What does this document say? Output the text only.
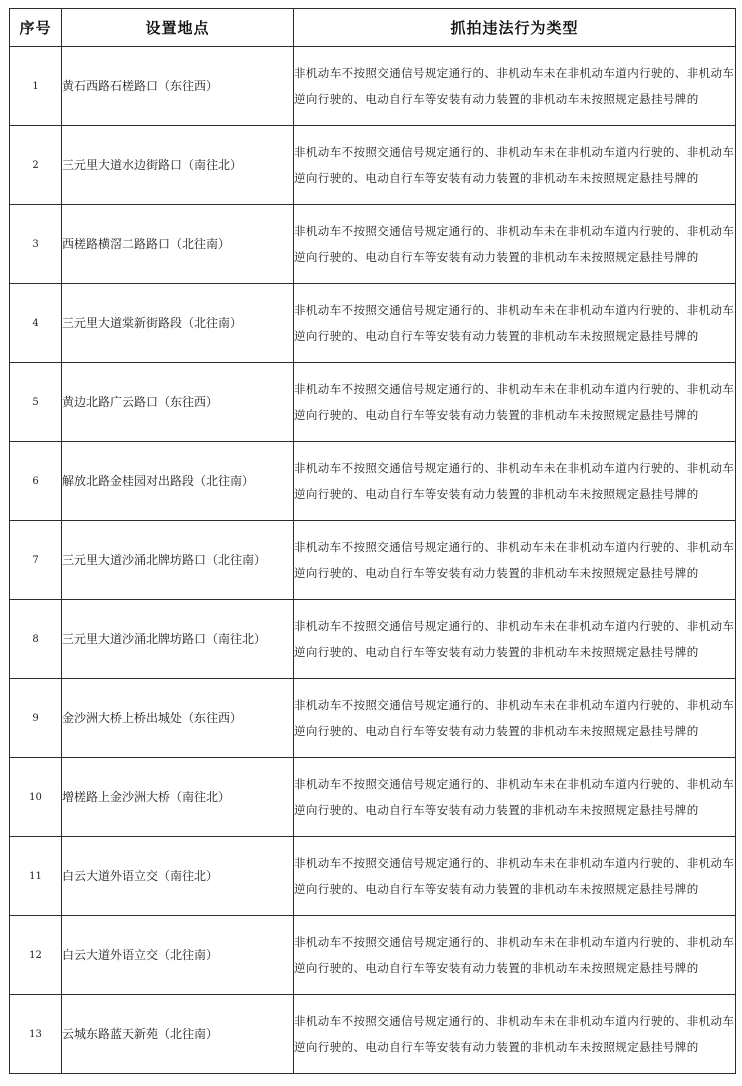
序号	设置地点	抓拍违法行为类型
1	黄石西路石槎路口（东往西）	非机动车不按照交通信号规定通行的、非机动车未在非机动车道内行驶的、非机动车逆向行驶的、电动自行车等安装有动力装置的非机动车未按照规定悬挂号牌的
2	三元里大道水边街路口（南往北）	非机动车不按照交通信号规定通行的、非机动车未在非机动车道内行驶的、非机动车逆向行驶的、电动自行车等安装有动力装置的非机动车未按照规定悬挂号牌的
3	西槎路横滘二路路口（北往南）	非机动车不按照交通信号规定通行的、非机动车未在非机动车道内行驶的、非机动车逆向行驶的、电动自行车等安装有动力装置的非机动车未按照规定悬挂号牌的
4	三元里大道棠新街路段（北往南）	非机动车不按照交通信号规定通行的、非机动车未在非机动车道内行驶的、非机动车逆向行驶的、电动自行车等安装有动力装置的非机动车未按照规定悬挂号牌的
5	黄边北路广云路口（东往西）	非机动车不按照交通信号规定通行的、非机动车未在非机动车道内行驶的、非机动车逆向行驶的、电动自行车等安装有动力装置的非机动车未按照规定悬挂号牌的
6	解放北路金桂园对出路段（北往南）	非机动车不按照交通信号规定通行的、非机动车未在非机动车道内行驶的、非机动车逆向行驶的、电动自行车等安装有动力装置的非机动车未按照规定悬挂号牌的
7	三元里大道沙涌北牌坊路口（北往南）	非机动车不按照交通信号规定通行的、非机动车未在非机动车道内行驶的、非机动车逆向行驶的、电动自行车等安装有动力装置的非机动车未按照规定悬挂号牌的
8	三元里大道沙涌北牌坊路口（南往北）	非机动车不按照交通信号规定通行的、非机动车未在非机动车道内行驶的、非机动车逆向行驶的、电动自行车等安装有动力装置的非机动车未按照规定悬挂号牌的
9	金沙洲大桥上桥出城处（东往西）	非机动车不按照交通信号规定通行的、非机动车未在非机动车道内行驶的、非机动车逆向行驶的、电动自行车等安装有动力装置的非机动车未按照规定悬挂号牌的
10	增槎路上金沙洲大桥（南往北）	非机动车不按照交通信号规定通行的、非机动车未在非机动车道内行驶的、非机动车逆向行驶的、电动自行车等安装有动力装置的非机动车未按照规定悬挂号牌的
11	白云大道外语立交（南往北）	非机动车不按照交通信号规定通行的、非机动车未在非机动车道内行驶的、非机动车逆向行驶的、电动自行车等安装有动力装置的非机动车未按照规定悬挂号牌的
12	白云大道外语立交（北往南）	非机动车不按照交通信号规定通行的、非机动车未在非机动车道内行驶的、非机动车逆向行驶的、电动自行车等安装有动力装置的非机动车未按照规定悬挂号牌的
13	云城东路蓝天新苑（北往南）	非机动车不按照交通信号规定通行的、非机动车未在非机动车道内行驶的、非机动车逆向行驶的、电动自行车等安装有动力装置的非机动车未按照规定悬挂号牌的
